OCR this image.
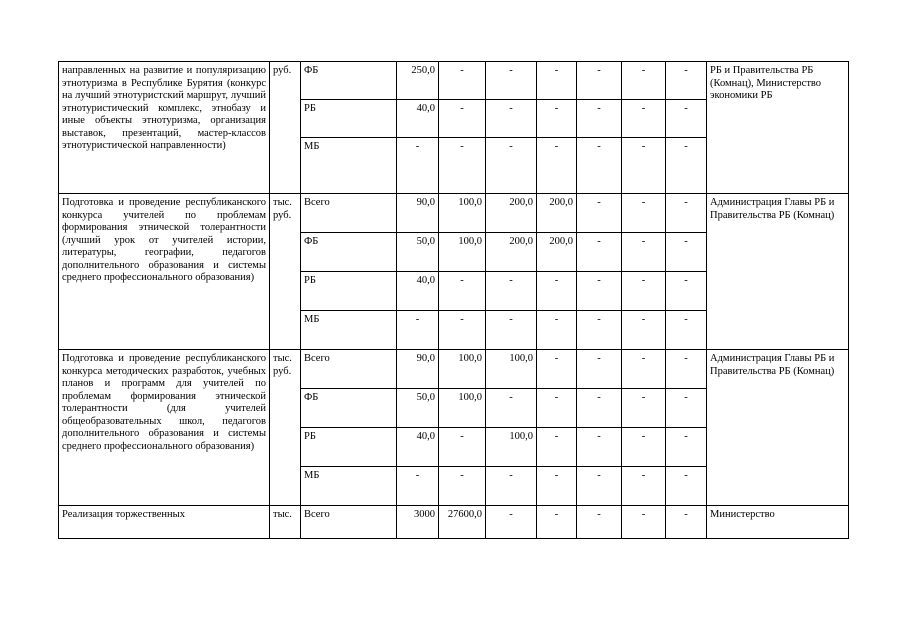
направленных на развитие и популяризацию этнотуризма в Республике Бурятия (конкурс на лучший этнотуристский маршрут, лучший этнотуристический комплекс, этнобазу и иные объекты этнотуризма, организация выставок, презентаций, мастер-классов этнотуристической направленности)	руб.	ФБ	250,0	-	-	-	-	-	-	РБ и Правительства РБ (Комнац), Министерство экономики РБ
		РБ	40,0	-	-	-	-	-	-	
		МБ	-	-	-	-	-	-	-	
Подготовка и проведение республиканского конкурса учителей по проблемам формирования этнической толерантности (лучший урок от учителей истории, литературы, географии, педагогов дополнительного образования и системы среднего профессионального образования)	тыс. руб.	Всего	90,0	100,0	200,0	200,0	-	-	-	Администрация Главы РБ и Правительства РБ (Комнац)
		ФБ	50,0	100,0	200,0	200,0	-	-	-	
		РБ	40,0	-	-	-	-	-	-	
		МБ	-	-	-	-	-	-	-	
Подготовка и проведение республиканского конкурса методических разработок, учебных планов и программ для учителей по проблемам формирования этнической толерантности (для учителей общеобразовательных школ, педагогов дополнительного образования и системы среднего профессионального образования)	тыс. руб.	Всего	90,0	100,0	100,0	-	-	-	-	Администрация Главы РБ и Правительства РБ (Комнац)
		ФБ	50,0	100,0	-	-	-	-	-	
		РБ	40,0	-	100,0	-	-	-	-	
		МБ	-	-	-	-	-	-	-	
Реализация торжественных	тыс.	Всего	3000	27600,0	-	-	-	-	-	Министерство
